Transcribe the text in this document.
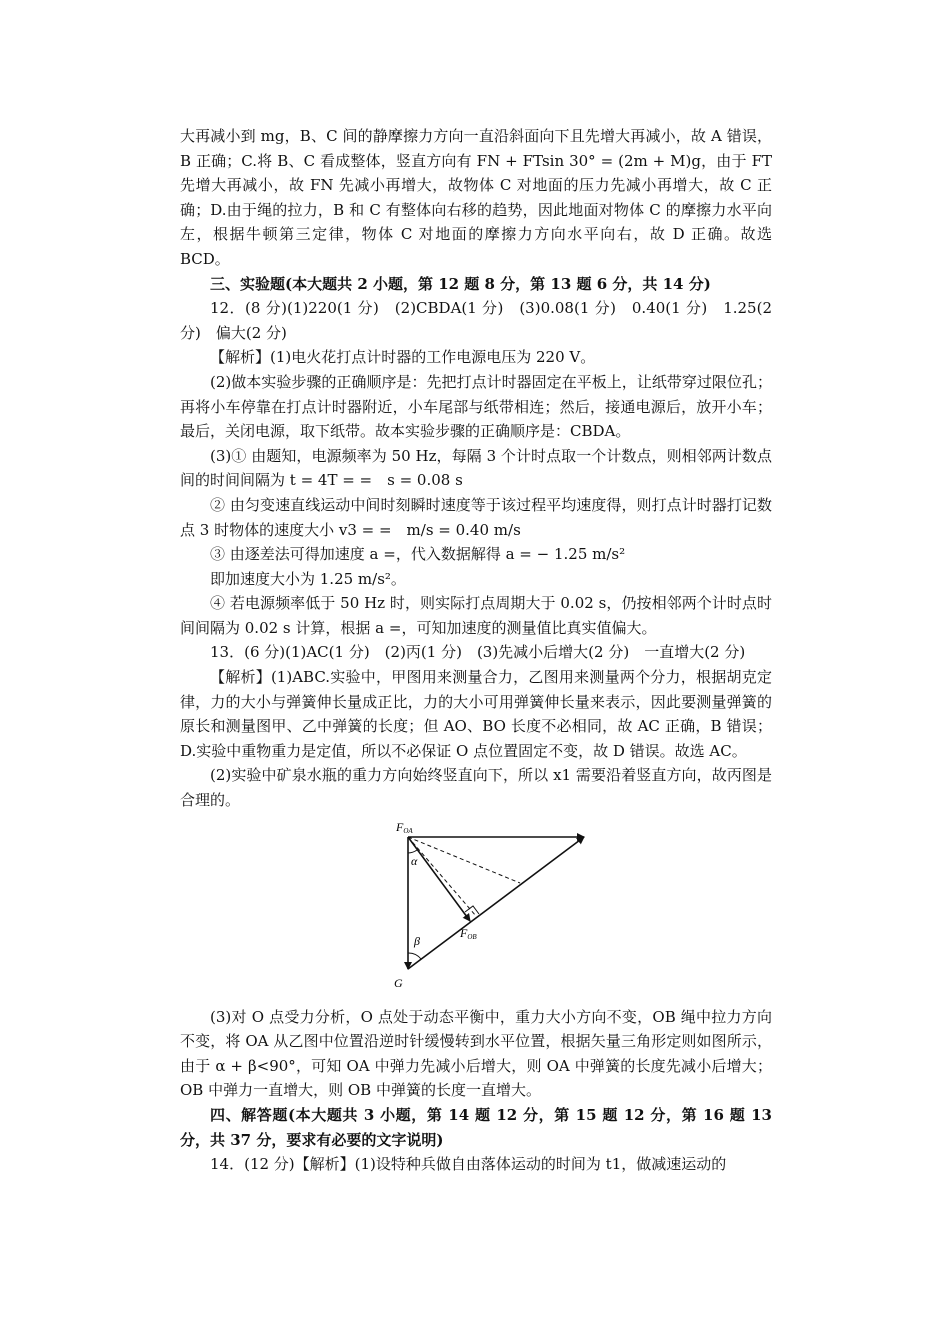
大再减小到 mg，B、C 间的静摩擦力方向一直沿斜面向下且先增大再减小，故 A 错误，B 正确；C.将 B、C 看成整体，竖直方向有 FN + FTsin 30° = (2m + M)g，由于 FT 先增大再减小，故 FN 先减小再增大，故物体 C 对地面的压力先减小再增大，故 C 正确；D.由于绳的拉力，B 和 C 有整体向右移的趋势，因此地面对物体 C 的摩擦力水平向左，根据牛顿第三定律，物体 C 对地面的摩擦力方向水平向右，故 D 正确。故选 BCD。

三、实验题(本大题共 2 小题，第 12 题 8 分，第 13 题 6 分，共 14 分)

12．(8 分)(1)220(1 分)　(2)CBDA(1 分)　(3)0.08(1 分)　0.40(1 分)　1.25(2 分)　偏大(2 分)

【解析】(1)电火花打点计时器的工作电源电压为 220 V。

(2)做本实验步骤的正确顺序是：先把打点计时器固定在平板上，让纸带穿过限位孔；再将小车停靠在打点计时器附近，小车尾部与纸带相连；然后，接通电源后，放开小车；最后，关闭电源，取下纸带。故本实验步骤的正确顺序是：CBDA。

(3)① 由题知，电源频率为 50 Hz，每隔 3 个计时点取一个计数点，则相邻两计数点间的时间间隔为 t = 4T = =　s = 0.08 s

② 由匀变速直线运动中间时刻瞬时速度等于该过程平均速度得，则打点计时器打记数点 3 时物体的速度大小 v3 = =　m/s = 0.40 m/s

③ 由逐差法可得加速度 a =，代入数据解得 a = − 1.25 m/s²

即加速度大小为 1.25 m/s²。

④ 若电源频率低于 50 Hz 时，则实际打点周期大于 0.02 s，仍按相邻两个计时点时间间隔为 0.02 s 计算，根据 a =，可知加速度的测量值比真实值偏大。

13．(6 分)(1)AC(1 分)　(2)丙(1 分)　(3)先减小后增大(2 分)　一直增大(2 分)

【解析】(1)ABC.实验中，甲图用来测量合力，乙图用来测量两个分力，根据胡克定律，力的大小与弹簧伸长量成正比，力的大小可用弹簧伸长量来表示，因此要测量弹簧的原长和测量图甲、乙中弹簧的长度；但 AO、BO 长度不必相同，故 AC 正确，B 错误；D.实验中重物重力是定值，所以不必保证 O 点位置固定不变，故 D 错误。故选 AC。

(2)实验中矿泉水瓶的重力方向始终竖直向下，所以 x1 需要沿着竖直方向，故丙图是合理的。

FOA
α
FOB
β
G

(3)对 O 点受力分析，O 点处于动态平衡中，重力大小方向不变，OB 绳中拉力方向不变，将 OA 从乙图中位置沿逆时针缓慢转到水平位置，根据矢量三角形定则如图所示，由于 α + β<90°，可知 OA 中弹力先减小后增大，则 OA 中弹簧的长度先减小后增大；OB 中弹力一直增大，则 OB 中弹簧的长度一直增大。

四、解答题(本大题共 3 小题，第 14 题 12 分，第 15 题 12 分，第 16 题 13 分，共 37 分，要求有必要的文字说明)

14．(12 分)【解析】(1)设特种兵做自由落体运动的时间为 t1，做减速运动的
